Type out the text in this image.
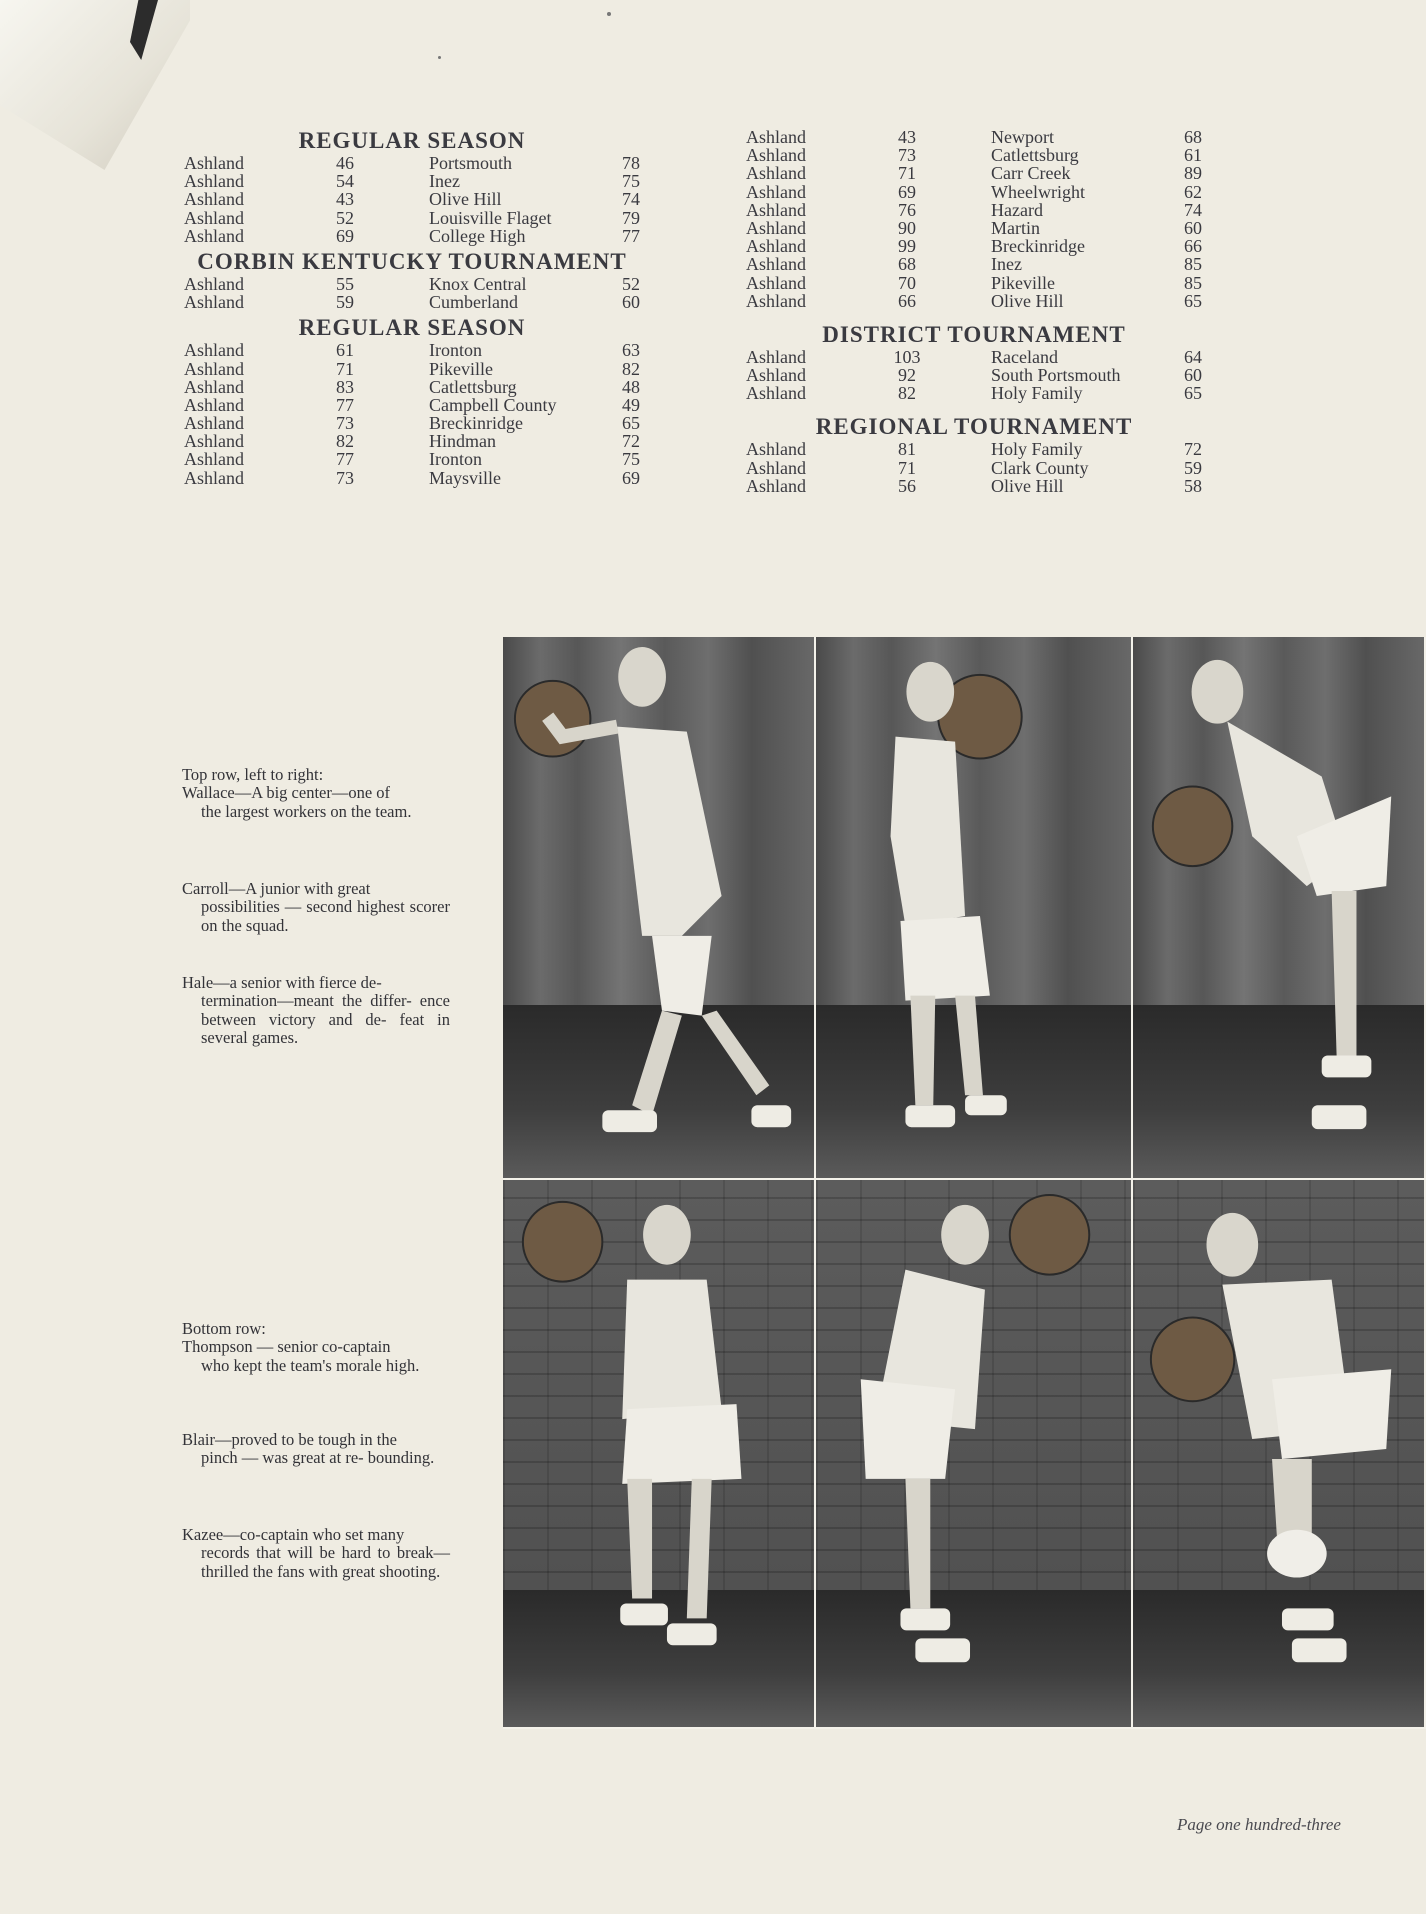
REGULAR SEASON
Ashland	46	Portsmouth	78
Ashland	54	Inez	75
Ashland	43	Olive Hill	74
Ashland	52	Louisville Flaget	79
Ashland	69	College High	77
CORBIN KENTUCKY TOURNAMENT
Ashland	55	Knox Central	52
Ashland	59	Cumberland	60
REGULAR SEASON
Ashland	61	Ironton	63
Ashland	71	Pikeville	82
Ashland	83	Catlettsburg	48
Ashland	77	Campbell County	49
Ashland	73	Breckinridge	65
Ashland	82	Hindman	72
Ashland	77	Ironton	75
Ashland	73	Maysville	69
Ashland	43	Newport	68
Ashland	73	Catlettsburg	61
Ashland	71	Carr Creek	89
Ashland	69	Wheelwright	62
Ashland	76	Hazard	74
Ashland	90	Martin	60
Ashland	99	Breckinridge	66
Ashland	68	Inez	85
Ashland	70	Pikeville	85
Ashland	66	Olive Hill	65
DISTRICT TOURNAMENT
Ashland	103	Raceland	64
Ashland	92	South Portsmouth	60
Ashland	82	Holy Family	65
REGIONAL TOURNAMENT
Ashland	81	Holy Family	72
Ashland	71	Clark County	59
Ashland	56	Olive Hill	58
Top row, left to right:
Wallace—A big center—one of
the largest workers on the team.
Carroll—A junior with great
possibilities — second highest scorer on the squad.
Hale—a senior with fierce de-
termination—meant the differ- ence between victory and de- feat in several games.
Bottom row:
Thompson — senior co-captain
who kept the team's morale high.
Blair—proved to be tough in the
pinch — was great at re- bounding.
Kazee—co-captain who set many
records that will be hard to break—thrilled the fans with great shooting.
Page one hundred-three
